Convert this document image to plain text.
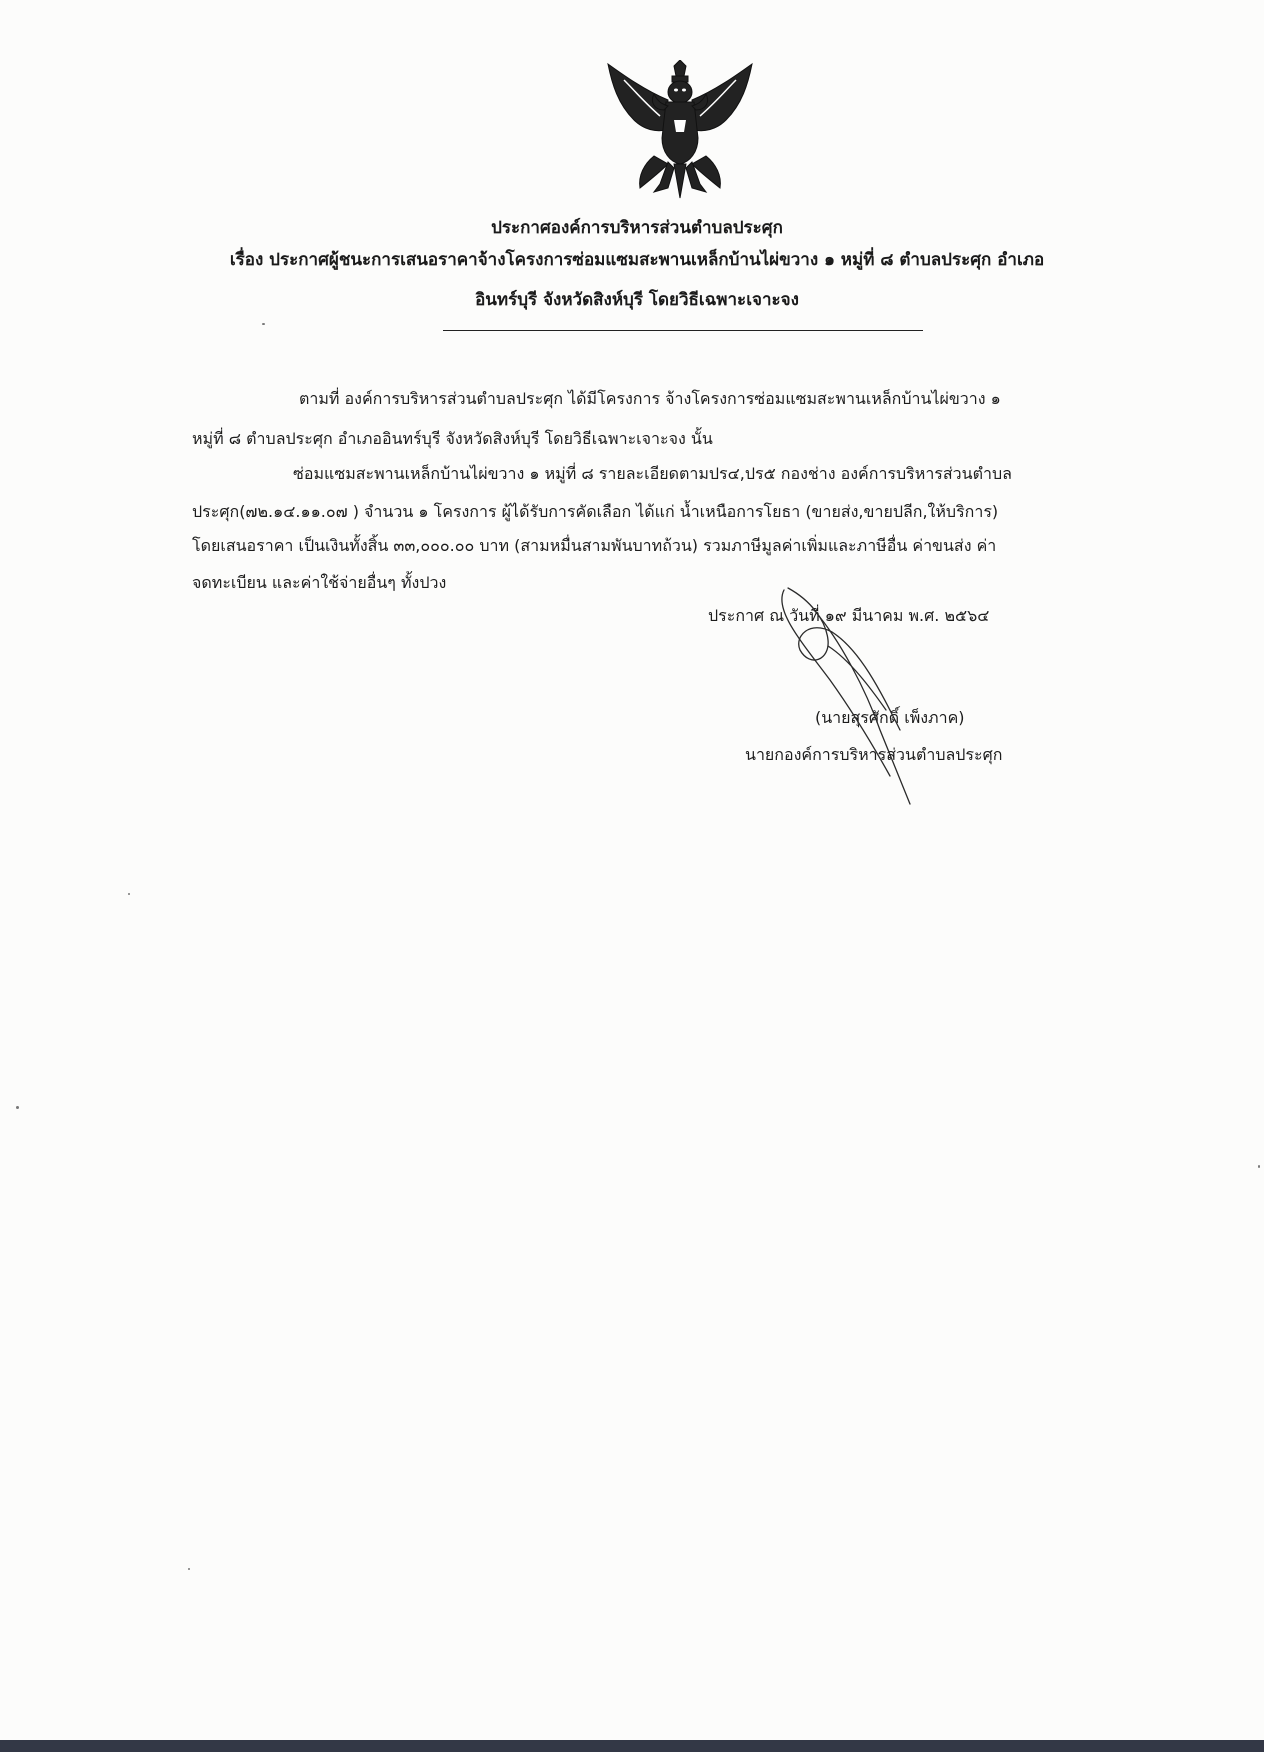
ประกาศองค์การบริหารส่วนตำบลประศุก
เรื่อง ประกาศผู้ชนะการเสนอราคาจ้างโครงการซ่อมแซมสะพานเหล็กบ้านไผ่ขวาง ๑ หมู่ที่ ๘ ตำบลประศุก อำเภอ
อินทร์บุรี จังหวัดสิงห์บุรี โดยวิธีเฉพาะเจาะจง
ตามที่ องค์การบริหารส่วนตำบลประศุก ได้มีโครงการ จ้างโครงการซ่อมแซมสะพานเหล็กบ้านไผ่ขวาง ๑
หมู่ที่ ๘ ตำบลประศุก อำเภออินทร์บุรี จังหวัดสิงห์บุรี โดยวิธีเฉพาะเจาะจง นั้น
ซ่อมแซมสะพานเหล็กบ้านไผ่ขวาง ๑ หมู่ที่ ๘ รายละเอียดตามปร๔,ปร๕ กองช่าง องค์การบริหารส่วนตำบล
ประศุก(๗๒.๑๔.๑๑.๐๗ ) จำนวน ๑ โครงการ ผู้ได้รับการคัดเลือก ได้แก่ น้ำเหนือการโยธา (ขายส่ง,ขายปลีก,ให้บริการ)
โดยเสนอราคา เป็นเงินทั้งสิ้น ๓๓,๐๐๐.๐๐ บาท (สามหมื่นสามพันบาทถ้วน) รวมภาษีมูลค่าเพิ่มและภาษีอื่น ค่าขนส่ง ค่า
จดทะเบียน และค่าใช้จ่ายอื่นๆ ทั้งปวง
ประกาศ ณ วันที่ ๑๙ มีนาคม พ.ศ. ๒๕๖๔
(นายสุรศักดิ์ เพ็งภาค)
นายกองค์การบริหารส่วนตำบลประศุก
